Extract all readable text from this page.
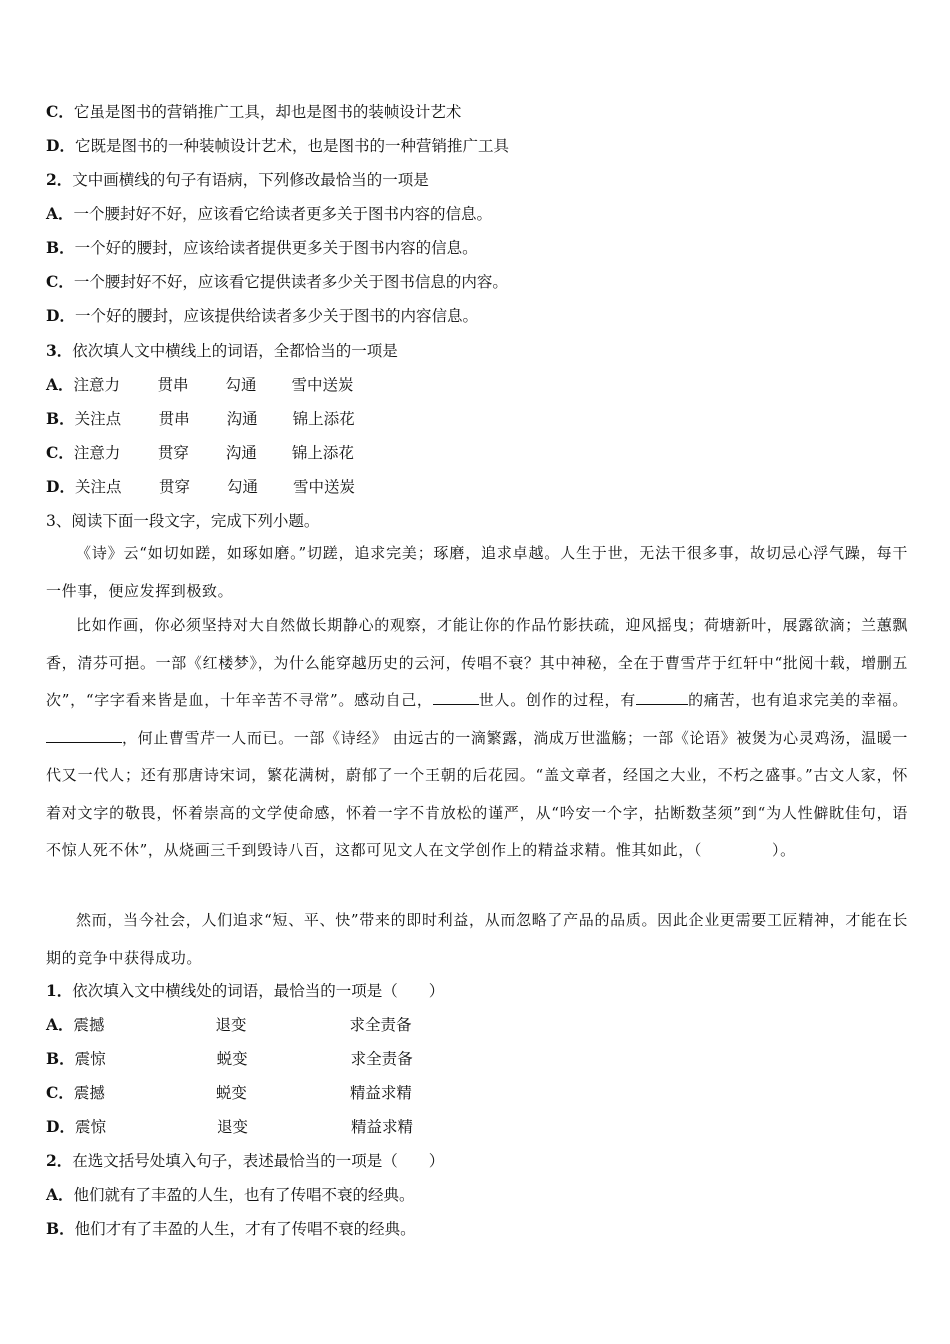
C．它虽是图书的营销推广工具，却也是图书的装帧设计艺术
D．它既是图书的一种装帧设计艺术，也是图书的一种营销推广工具
2．文中画横线的句子有语病，下列修改最恰当的一项是
A．一个腰封好不好，应该看它给读者更多关于图书内容的信息。
B．一个好的腰封，应该给读者提供更多关于图书内容的信息。
C．一个腰封好不好，应该看它提供读者多少关于图书信息的内容。
D．一个好的腰封，应该提供给读者多少关于图书的内容信息。
3．依次填人文中横线上的词语，全都恰当的一项是
A．注意力 贯串 勾通 雪中送炭
B．关注点 贯串 沟通 锦上添花
C．注意力 贯穿 沟通 锦上添花
D．关注点 贯穿 勾通 雪中送炭
3、阅读下面一段文字，完成下列小题。

《诗》云“如切如蹉，如琢如磨。”切蹉，追求完美；琢磨，追求卓越。人生于世，无法干很多事，故切忌心浮气躁，每干一件事，便应发挥到极致。

比如作画，你必须坚持对大自然做长期静心的观察，才能让你的作品竹影扶疏，迎风摇曳；荷塘新叶，展露欲滴；兰蕙飘香，清芬可挹。一部《红楼梦》，为什么能穿越历史的云河，传唱不衰？其中神秘，全在于曹雪芹于红轩中“批阅十载，增删五次”，“字字看来皆是血，十年辛苦不寻常”。感动自己，	世人。创作的过程，有	的痛苦，也有追求完美的幸福。，何止曹雪芹一人而已。一部《诗经》 由远古的一滴繁露，淌成万世滥觞；一部《论语》被煲为心灵鸡汤，温暖一代又一代人；还有那唐诗宋词，繁花满树，蔚郁了一个王朝的后花园。“盖文章者，经国之大业，不朽之盛事。”古文人家，怀着对文字的敬畏，怀着崇高的文学使命感，怀着一字不肯放松的谨严，从“吟安一个字，拈断数茎须”到“为人性僻眈佳句，语不惊人死不休”，从烧画三千到毁诗八百，这都可见文人在文学创作上的精益求精。惟其如此，（	）。

然而，当今社会，人们追求“短、平、快”带来的即时利益，从而忽略了产品的品质。因此企业更需要工匠精神，才能在长期的竞争中获得成功。

1．依次填入文中横线处的词语，最恰当的一项是（　　）
A．震撼	退变	求全责备
B．震惊	蜕变	求全责备
C．震撼	蜕变	精益求精
D．震惊	退变	精益求精
2．在选文括号处填入句子，表述最恰当的一项是（　　）
A．他们就有了丰盈的人生，也有了传唱不衰的经典。
B．他们才有了丰盈的人生，才有了传唱不衰的经典。
